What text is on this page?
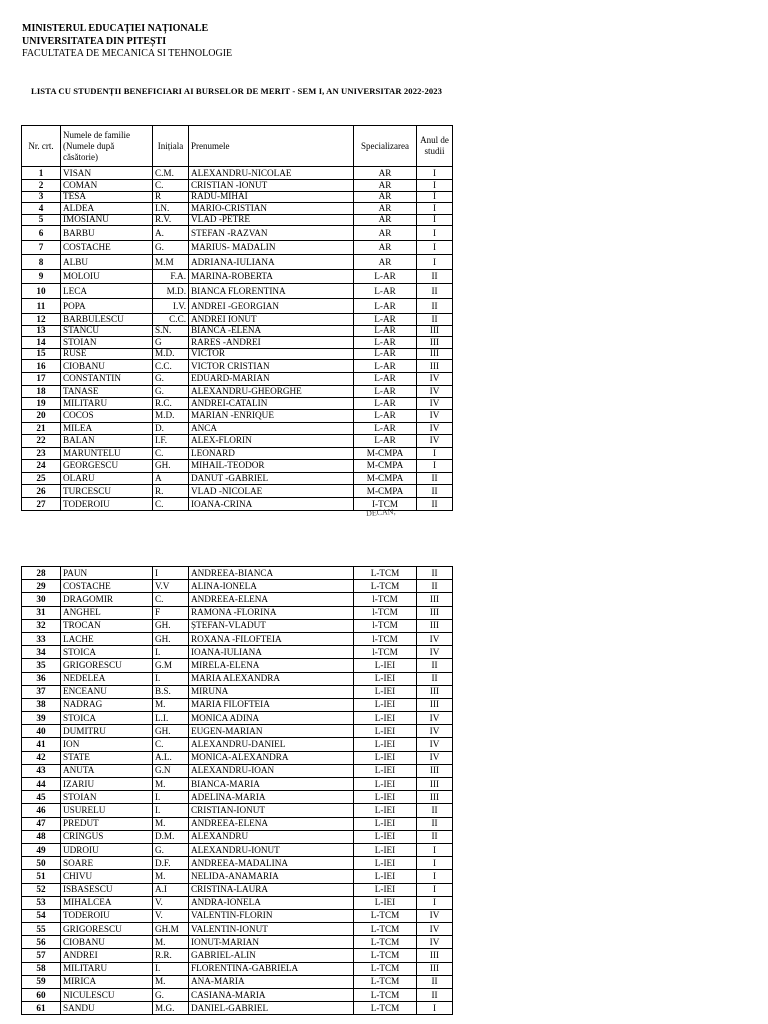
MINISTERUL EDUCAȚIEI NAȚIONALE
UNIVERSITATEA DIN PITEȘTI
FACULTATEA DE MECANICA SI TEHNOLOGIE
LISTA CU STUDENȚII BENEFICIARI AI BURSELOR DE MERIT - SEM I, AN UNIVERSITAR 2022-2023
Nr. crt.	Numele de familie (Numele după căsătorie)	Inițiala	Prenumele	Specializarea	Anul de studii
1	VISAN	C.M.	ALEXANDRU-NICOLAE	AR	I
2	COMAN	C.	CRISTIAN -IONUT	AR	I
3	TESA	R	RADU-MIHAI	AR	I
4	ALDEA	I.N.	MARIO-CRISTIAN	AR	I
5	IMOSIANU	R.V.	VLAD -PETRE	AR	I
6	BARBU	A.	STEFAN -RAZVAN	AR	I
7	COSTACHE	G.	MARIUS- MADALIN	AR	I
8	ALBU	M.M	ADRIANA-IULIANA	AR	I
9	MOLOIU	F.A.	MARINA-ROBERTA	L-AR	II
10	LECA	M.D.	BIANCA FLORENTINA	L-AR	II
11	POPA	I.V.	ANDREI -GEORGIAN	L-AR	II
12	BARBULESCU	C.C.	ANDREI IONUT	L-AR	II
13	STANCU	S.N.	BIANCA -ELENA	L-AR	III
14	STOIAN	G	RARES -ANDREI	L-AR	III
15	RUSE	M.D.	VICTOR	L-AR	III
16	CIOBANU	C.C.	VICTOR CRISTIAN	L-AR	III
17	CONSTANTIN	G.	EDUARD-MARIAN	L-AR	IV
18	TANASE	G.	ALEXANDRU-GHEORGHE	L-AR	IV
19	MILITARU	R.C.	ANDREI-CATALIN	L-AR	IV
20	COCOS	M.D.	MARIAN -ENRIQUE	L-AR	IV
21	MILEA	D.	ANCA	L-AR	IV
22	BALAN	I.F.	ALEX-FLORIN	L-AR	IV
23	MARUNTELU	C.	LEONARD	M-CMPA	I
24	GEORGESCU	GH.	MIHAIL-TEODOR	M-CMPA	I
25	OLARU	A	DANUT -GABRIEL	M-CMPA	II
26	TURCESCU	R.	VLAD -NICOLAE	M-CMPA	II
27	TODEROIU	C.	IOANA-CRINA	I-TCM	II
DECAN,
28	PAUN	I	ANDREEA-BIANCA	L-TCM	II
29	COSTACHE	V.V	ALINA-IONELA	L-TCM	II
30	DRAGOMIR	C.	ANDREEA-ELENA	l-TCM	III
31	ANGHEL	F	RAMONA -FLORINA	l-TCM	III
32	TROCAN	GH.	ȘTEFAN-VLADUT	l-TCM	III
33	LACHE	GH.	ROXANA -FILOFTEIA	l-TCM	IV
34	STOICA	I.	IOANA-IULIANA	l-TCM	IV
35	GRIGORESCU	G.M	MIRELA-ELENA	L-IEI	II
36	NEDELEA	I.	MARIA ALEXANDRA	L-IEI	II
37	ENCEANU	B.S.	MIRUNA	L-IEI	III
38	NADRAG	M.	MARIA FILOFTEIA	L-IEI	III
39	STOICA	L.I.	MONICA ADINA	L-IEI	IV
40	DUMITRU	GH.	EUGEN-MARIAN	L-IEI	IV
41	ION	C.	ALEXANDRU-DANIEL	L-IEI	IV
42	STATE	A.L.	MONICA-ALEXANDRA	L-IEI	IV
43	ANUTA	G.N	ALEXANDRU-IOAN	L-IEI	III
44	IZARIU	M.	BIANCA-MARIA	L-IEI	III
45	STOIAN	I.	ADELINA-MARIA	L-IEI	III
46	USURELU	I.	CRISTIAN-IONUT	L-IEI	II
47	PREDUT	M.	ANDREEA-ELENA	L-IEI	II
48	CRINGUS	D.M.	ALEXANDRU	L-IEI	II
49	UDROIU	G.	ALEXANDRU-IONUT	L-IEI	I
50	SOARE	D.F.	ANDREEA-MADALINA	L-IEI	I
51	CHIVU	M.	NELIDA-ANAMARIA	L-IEI	I
52	ISBASESCU	A.I	CRISTINA-LAURA	L-IEI	I
53	MIHALCEA	V.	ANDRA-IONELA	L-IEI	I
54	TODEROIU	V.	VALENTIN-FLORIN	L-TCM	IV
55	GRIGORESCU	GH.M	VALENTIN-IONUT	L-TCM	IV
56	CIOBANU	M.	IONUT-MARIAN	L-TCM	IV
57	ANDREI	R.R.	GABRIEL-ALIN	L-TCM	III
58	MILITARU	I.	FLORENTINA-GABRIELA	L-TCM	III
59	MIRICA	M.	ANA-MARIA	L-TCM	II
60	NICULESCU	G.	CASIANA-MARIA	L-TCM	II
61	SANDU	M.G.	DANIEL-GABRIEL	L-TCM	I
